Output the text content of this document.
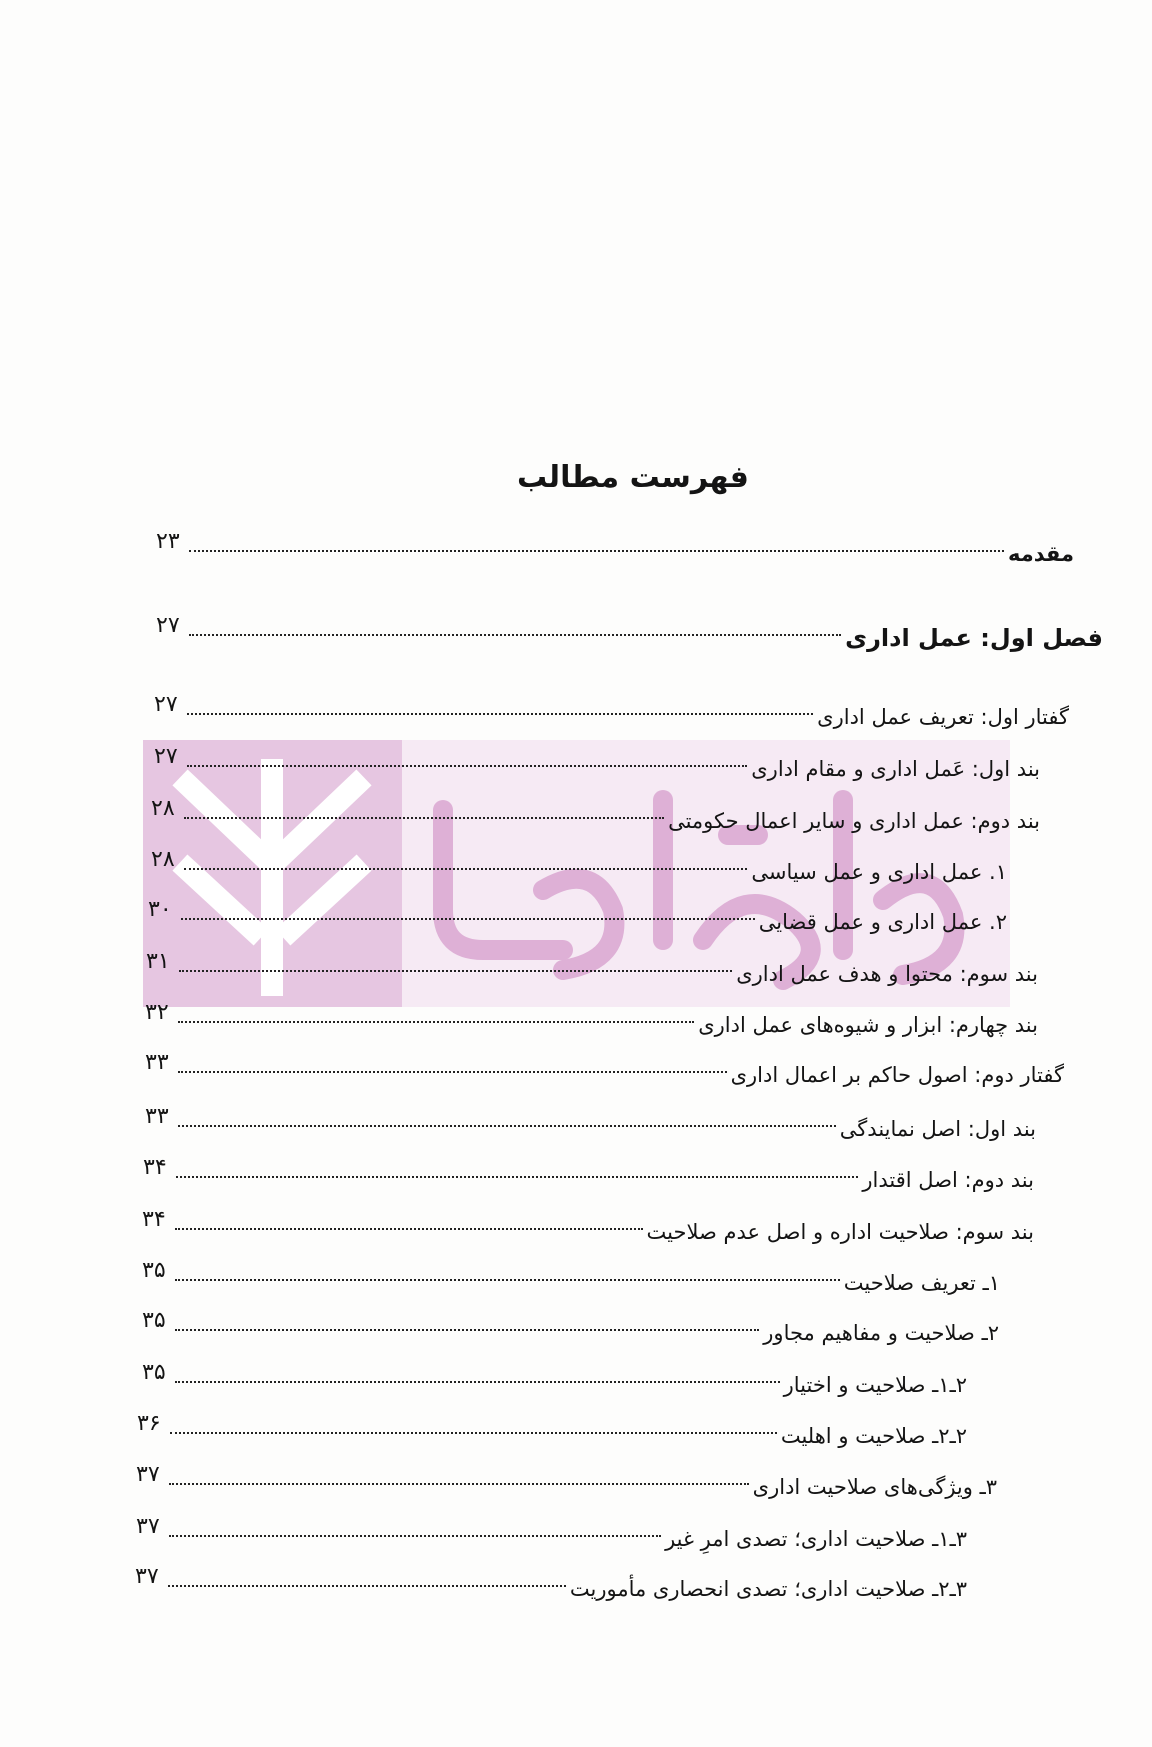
فهرست مطالب
مقدمه
۲۳
فصل اول: عمل اداری
۲۷
گفتار اول: تعریف عمل اداری
۲۷
بند اول: عَمل اداری و مقام اداری
۲۷
بند دوم: عمل اداری و سایر اعمال حکومتی
۲۸
۱. عمل اداری و عمل سیاسی
۲۸
۲. عمل اداری و عمل قضایی
۳۰
بند سوم: محتوا و هدف عمل اداری
۳۱
بند چهارم: ابزار و شیوه‌های عمل اداری
۳۲
گفتار دوم: اصول حاکم بر اعمال اداری
۳۳
بند اول: اصل نمایندگی
۳۳
بند دوم: اصل اقتدار
۳۴
بند سوم: صلاحیت اداره و اصل عدم صلاحیت
۳۴
۱ـ تعریف صلاحیت
۳۵
۲ـ صلاحیت و مفاهیم مجاور
۳۵
۲ـ۱ـ صلاحیت و اختیار
۳۵
۲ـ۲ـ صلاحیت و اهلیت
۳۶
۳ـ ویژگی‌های صلاحیت اداری
۳۷
۳ـ۱ـ صلاحیت اداری؛ تصدی امرِ غیر
۳۷
۳ـ۲ـ صلاحیت اداری؛ تصدی انحصاری مأموریت
۳۷
